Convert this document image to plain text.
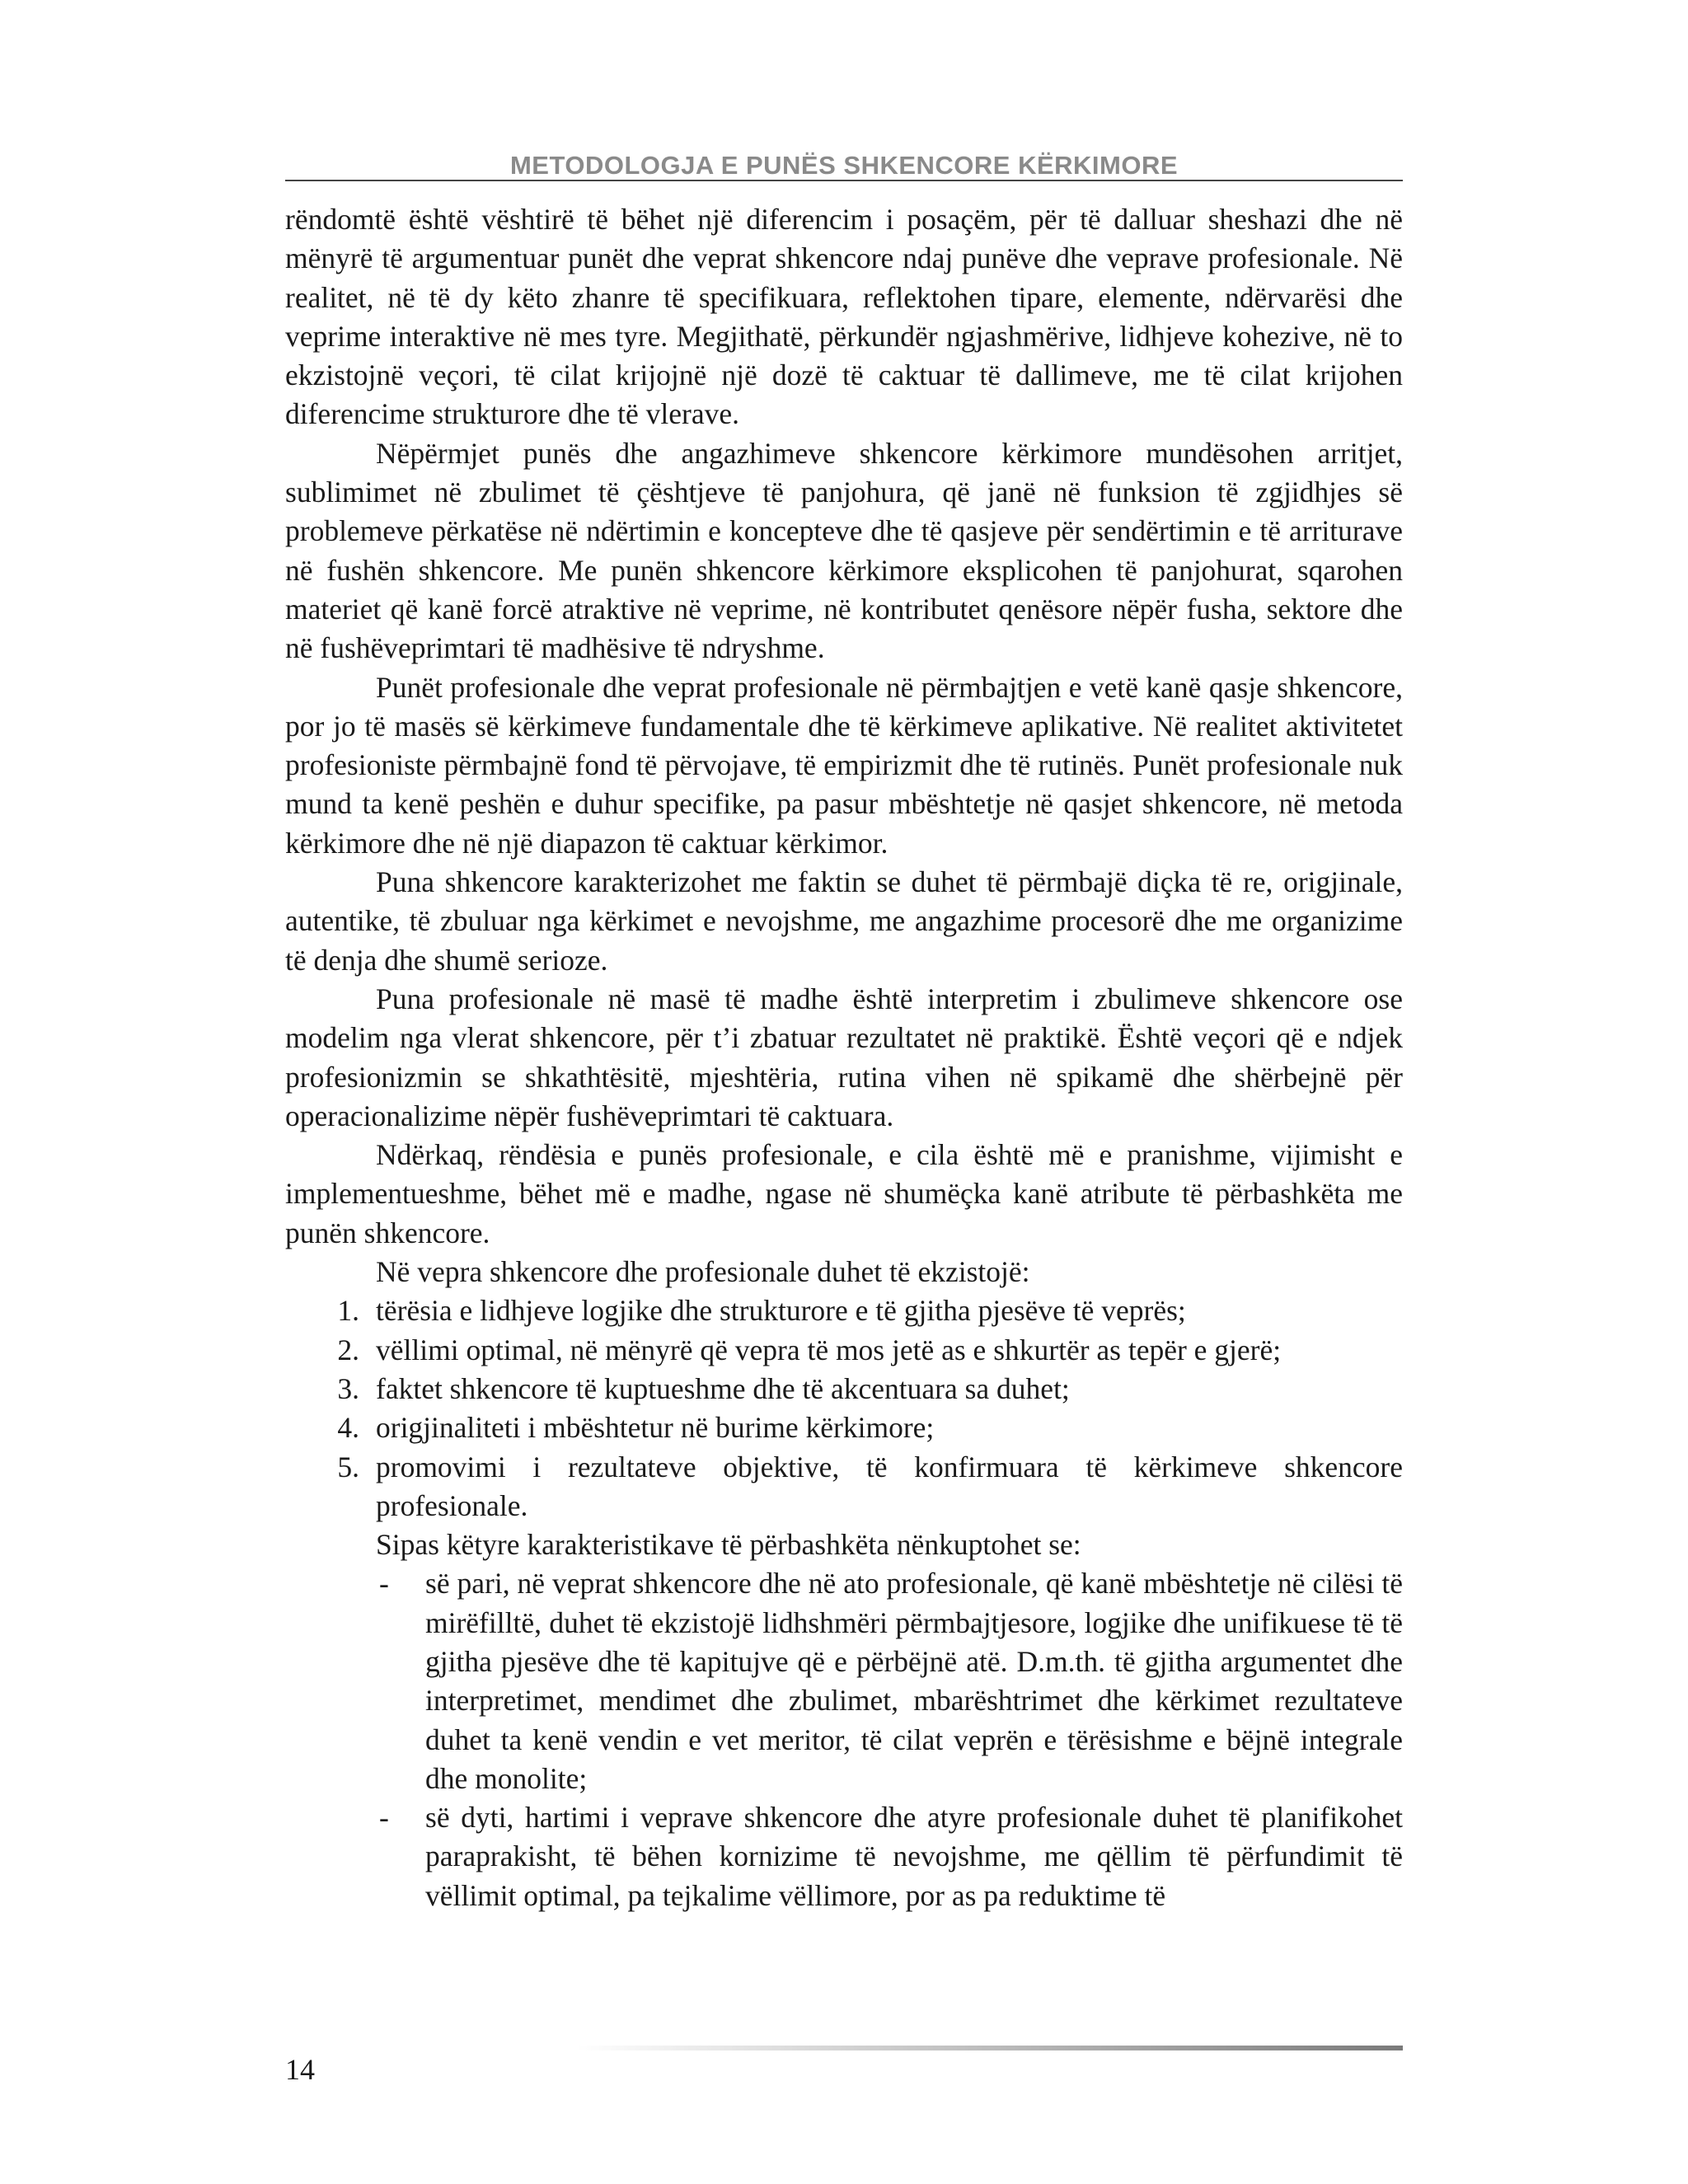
METODOLOGJA E PUNËS SHKENCORE KËRKIMORE

rëndomtë është vështirë të bëhet një diferencim i posaçëm, për të dalluar sheshazi dhe në mënyrë të argumentuar punët dhe veprat shkencore ndaj punëve dhe veprave profesionale. Në realitet, në të dy këto zhanre të specifikuara, reflektohen tipare, elemente, ndërvarësi dhe veprime interaktive në mes tyre. Megjithatë, përkundër ngjashmërive, lidhjeve kohezive, në to ekzistojnë veçori, të cilat krijojnë një dozë të caktuar të dallimeve, me të cilat krijohen diferencime strukturore dhe të vlerave.

Nëpërmjet punës dhe angazhimeve shkencore kërkimore mundësohen arritjet, sublimimet në zbulimet të çështjeve të panjohura, që janë në funksion të zgjidhjes së problemeve përkatëse në ndërtimin e koncepteve dhe të qasjeve për sendërtimin e të arriturave në fushën shkencore. Me punën shkencore kërkimore eksplicohen të panjohurat, sqarohen materiet që kanë forcë atraktive në veprime, në kontributet qenësore nëpër fusha, sektore dhe në fushëveprimtari të madhësive të ndryshme.

Punët profesionale dhe veprat profesionale në përmbajtjen e vetë kanë qasje shkencore, por jo të masës së kërkimeve fundamentale dhe të kërkimeve aplikative. Në realitet aktivitetet profesioniste përmbajnë fond të përvojave, të empirizmit dhe të rutinës. Punët profesionale nuk mund ta kenë peshën e duhur specifike, pa pasur mbështetje në qasjet shkencore, në metoda kërkimore dhe në një diapazon të caktuar kërkimor.

Puna shkencore karakterizohet me faktin se duhet të përmbajë diçka të re, origjinale, autentike, të zbuluar nga kërkimet e nevojshme, me angazhime procesorë dhe me organizime të denja dhe shumë serioze.

Puna profesionale në masë të madhe është interpretim i zbulimeve shkencore ose modelim nga vlerat shkencore, për t’i zbatuar rezultatet në praktikë. Është veçori që e ndjek profesionizmin se shkathtësitë, mjeshtëria, rutina vihen në spikamë dhe shërbejnë për operacionalizime nëpër fushëveprimtari të caktuara.

Ndërkaq, rëndësia e punës profesionale, e cila është më e pranishme, vijimisht e implementueshme, bëhet më e madhe, ngase në shumëçka kanë atribute të përbashkëta me punën shkencore.

Në vepra shkencore dhe profesionale duhet të ekzistojë:

1. tërësia e lidhjeve logjike dhe strukturore e të gjitha pjesëve të veprës;
2. vëllimi optimal, në mënyrë që vepra të mos jetë as e shkurtër as tepër e gjerë;
3. faktet shkencore të kuptueshme dhe të akcentuara sa duhet;
4. origjinaliteti i mbështetur në burime kërkimore;
5. promovimi i rezultateve objektive, të konfirmuara të kërkimeve shkencore profesionale.

Sipas këtyre karakteristikave të përbashkëta nënkuptohet se:

-	së pari, në veprat shkencore dhe në ato profesionale, që kanë mbështetje në cilësi të mirëfilltë, duhet të ekzistojë lidhshmëri përmbajtjesore, logjike dhe unifikuese të të gjitha pjesëve dhe të kapitujve që e përbëjnë atë. D.m.th. të gjitha argumentet dhe interpretimet, mendimet dhe zbulimet, mbarështrimet dhe kërkimet rezultateve duhet ta kenë vendin e vet meritor, të cilat veprën e tërësishme e bëjnë integrale dhe monolite;
-	së dyti, hartimi i veprave shkencore dhe atyre profesionale duhet të planifikohet paraprakisht, të bëhen kornizime të nevojshme, me qëllim të përfundimit të vëllimit optimal, pa tejkalime vëllimore, por as pa reduktime të
14
